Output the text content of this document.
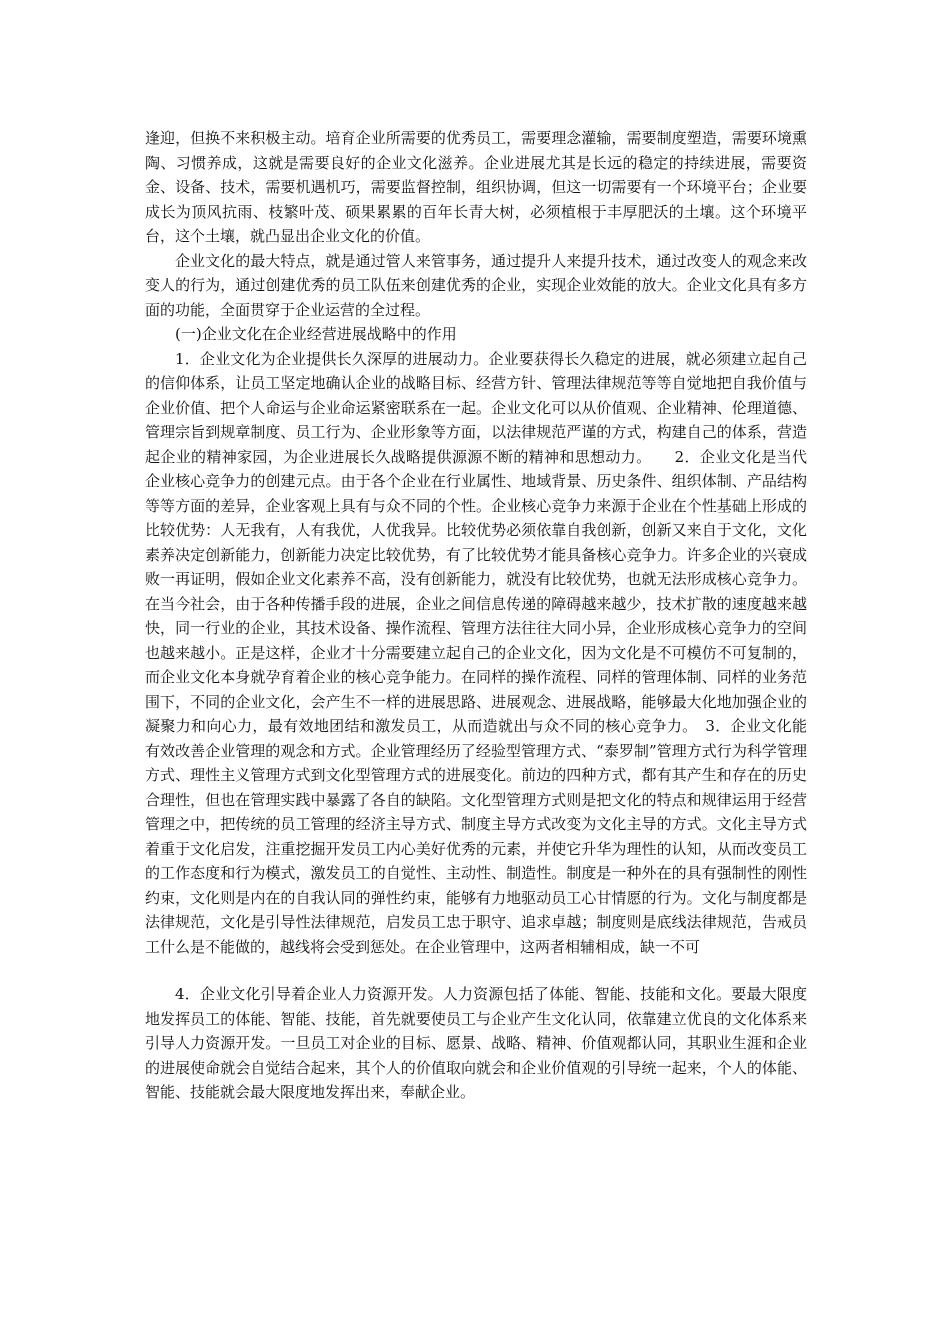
逢迎，但换不来积极主动。培育企业所需要的优秀员工，需要理念灌输，需要制度塑造，需要环境熏陶、习惯养成，这就是需要良好的企业文化滋养。企业进展尤其是长远的稳定的持续进展，需要资金、设备、技术，需要机遇机巧，需要监督控制，组织协调，但这一切需要有一个环境平台；企业要成长为顶风抗雨、枝繁叶茂、硕果累累的百年长青大树，必须植根于丰厚肥沃的土壤。这个环境平台，这个土壤，就凸显出企业文化的价值。

企业文化的最大特点，就是通过管人来管事务，通过提升人来提升技术，通过改变人的观念来改变人的行为，通过创建优秀的员工队伍来创建优秀的企业，实现企业效能的放大。企业文化具有多方面的功能，全面贯穿于企业运营的全过程。

(一)企业文化在企业经营进展战略中的作用

1．企业文化为企业提供长久深厚的进展动力。企业要获得长久稳定的进展，就必须建立起自己的信仰体系，让员工坚定地确认企业的战略目标、经营方针、管理法律规范等等自觉地把自我价值与企业价值、把个人命运与企业命运紧密联系在一起。企业文化可以从价值观、企业精神、伦理道德、管理宗旨到规章制度、员工行为、企业形象等方面，以法律规范严谨的方式，构建自己的体系，营造起企业的精神家园，为企业进展长久战略提供源源不断的精神和思想动力。　　2．企业文化是当代企业核心竞争力的创建元点。由于各个企业在行业属性、地域背景、历史条件、组织体制、产品结构等等方面的差异，企业客观上具有与众不同的个性。企业核心竞争力来源于企业在个性基础上形成的比较优势：人无我有，人有我优，人优我异。比较优势必须依靠自我创新，创新又来自于文化，文化素养决定创新能力，创新能力决定比较优势，有了比较优势才能具备核心竞争力。许多企业的兴衰成败一再证明，假如企业文化素养不高，没有创新能力，就没有比较优势，也就无法形成核心竞争力。在当今社会，由于各种传播手段的进展，企业之间信息传递的障碍越来越少，技术扩散的速度越来越快，同一行业的企业，其技术设备、操作流程、管理方法往往大同小异，企业形成核心竞争力的空间也越来越小。正是这样，企业才十分需要建立起自己的企业文化，因为文化是不可模仿不可复制的，而企业文化本身就孕育着企业的核心竞争能力。在同样的操作流程、同样的管理体制、同样的业务范围下，不同的企业文化，会产生不一样的进展思路、进展观念、进展战略，能够最大化地加强企业的凝聚力和向心力，最有效地团结和激发员工，从而造就出与众不同的核心竞争力。　3．企业文化能有效改善企业管理的观念和方式。企业管理经历了经验型管理方式、“泰罗制”管理方式行为科学管理方式、理性主义管理方式到文化型管理方式的进展变化。前边的四种方式，都有其产生和存在的历史合理性，但也在管理实践中暴露了各自的缺陷。文化型管理方式则是把文化的特点和规律运用于经营管理之中，把传统的员工管理的经济主导方式、制度主导方式改变为文化主导的方式。文化主导方式着重于文化启发，注重挖掘开发员工内心美好优秀的元素，并使它升华为理性的认知，从而改变员工的工作态度和行为模式，激发员工的自觉性、主动性、制造性。制度是一种外在的具有强制性的刚性约束，文化则是内在的自我认同的弹性约束，能够有力地驱动员工心甘情愿的行为。文化与制度都是法律规范，文化是引导性法律规范，启发员工忠于职守、追求卓越；制度则是底线法律规范，告戒员工什么是不能做的，越线将会受到惩处。在企业管理中，这两者相辅相成，缺一不可

4．企业文化引导着企业人力资源开发。人力资源包括了体能、智能、技能和文化。要最大限度地发挥员工的体能、智能、技能，首先就要使员工与企业产生文化认同，依靠建立优良的文化体系来引导人力资源开发。一旦员工对企业的目标、愿景、战略、精神、价值观都认同，其职业生涯和企业的进展使命就会自觉结合起来，其个人的价值取向就会和企业价值观的引导统一起来，个人的体能、智能、技能就会最大限度地发挥出来，奉献企业。
